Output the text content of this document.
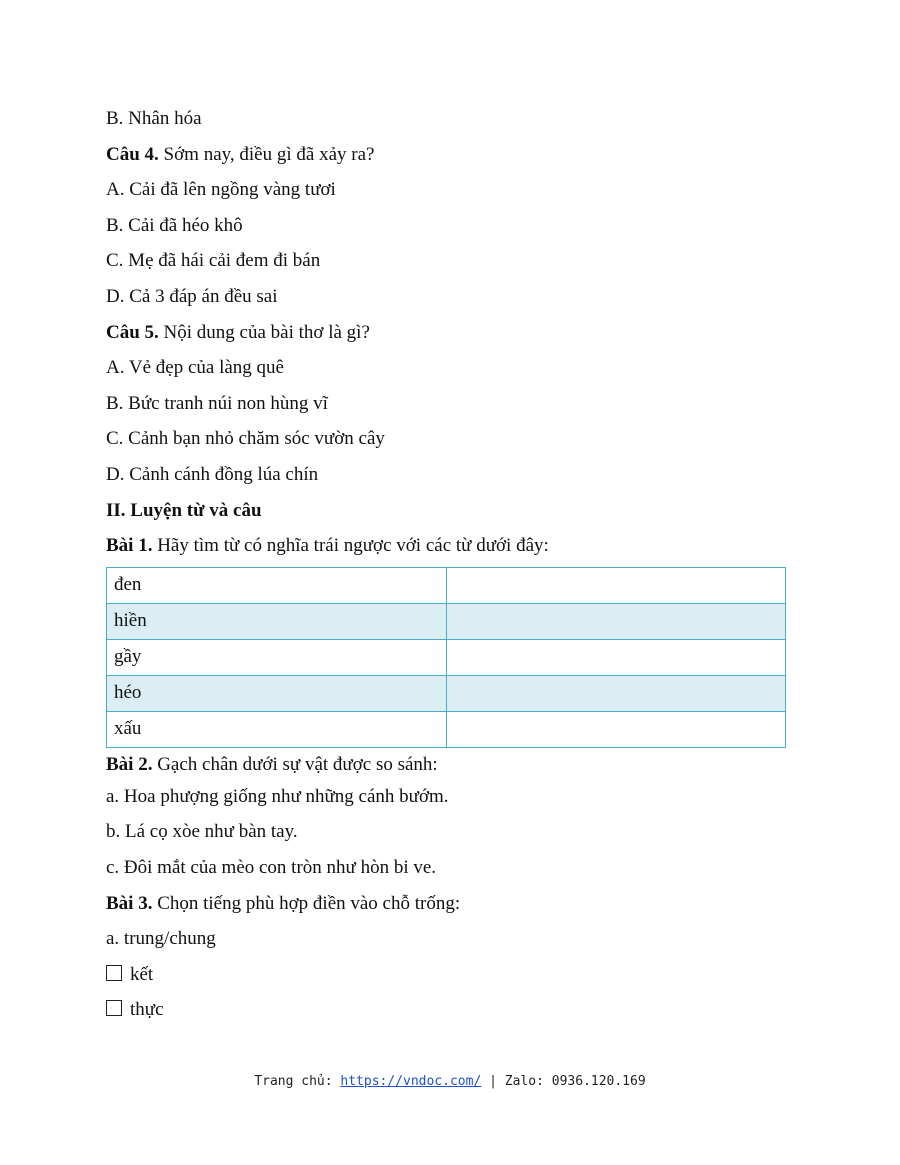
B. Nhân hóa
Câu 4. Sớm nay, điều gì đã xảy ra?
A. Cải đã lên ngồng vàng tươi
B. Cải đã héo khô
C. Mẹ đã hái cải đem đi bán
D. Cả 3 đáp án đều sai
Câu 5. Nội dung của bài thơ là gì?
A. Vẻ đẹp của làng quê
B. Bức tranh núi non hùng vĩ
C. Cảnh bạn nhỏ chăm sóc vườn cây
D. Cảnh cánh đồng lúa chín
II. Luyện từ và câu
Bài 1. Hãy tìm từ có nghĩa trái ngược với các từ dưới đây:
đen	
hiền	
gầy	
héo	
xấu	
Bài 2. Gạch chân dưới sự vật được so sánh:
a. Hoa phượng giống như những cánh bướm.
b. Lá cọ xòe như bàn tay.
c. Đôi mắt của mèo con tròn như hòn bi ve.
Bài 3. Chọn tiếng phù hợp điền vào chỗ trống:
a. trung/chung
kết
thực
Trang chủ: https://vndoc.com/ | Zalo: 0936.120.169
